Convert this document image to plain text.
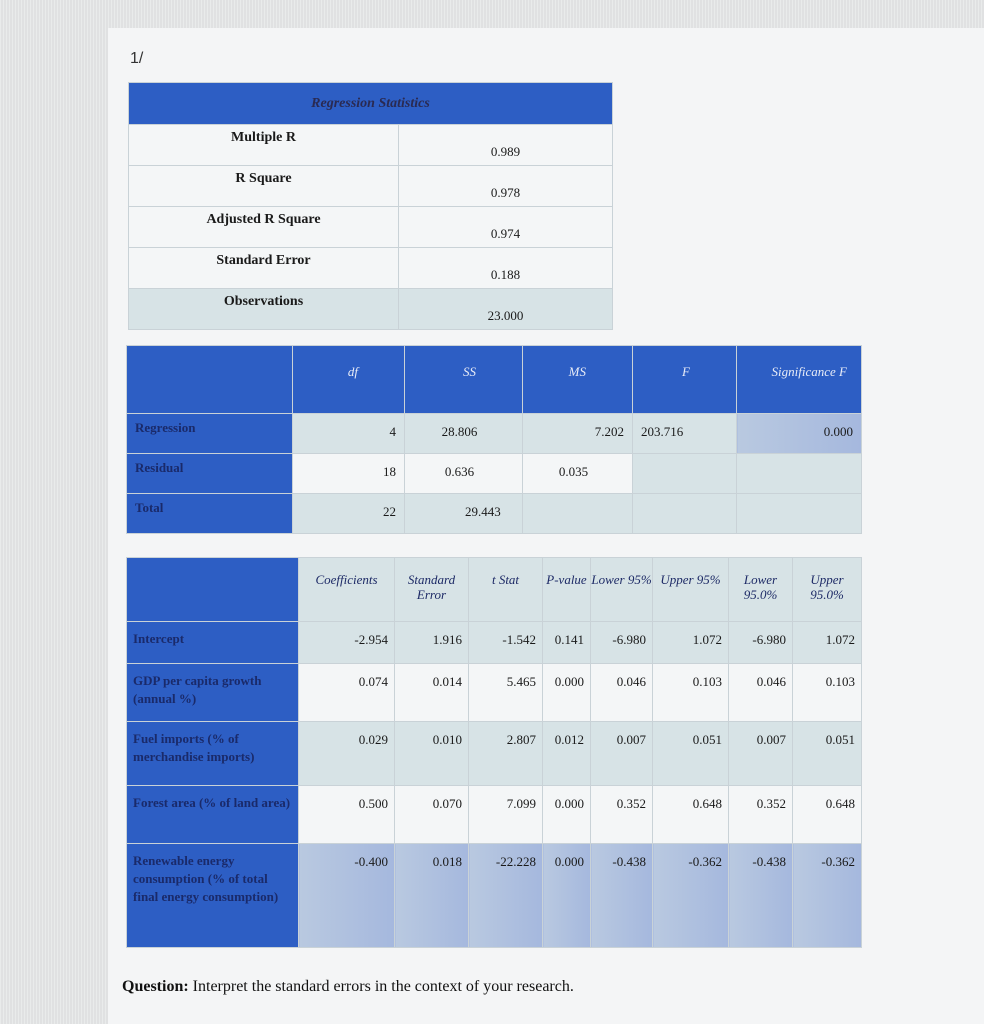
1/
Regression Statistics	
Multiple R	0.989
R Square	0.978
Adjusted R Square	0.974
Standard Error	0.188
Observations	23.000
	df	SS	MS	F	Significance F
Regression	4	28.806	7.202	203.716	0.000
Residual	18	0.636	0.035		
Total	22	29.443			
	Coefficients	Standard Error	t Stat	P-value	Lower 95%	Upper 95%	Lower 95.0%	Upper 95.0%
Intercept	-2.954	1.916	-1.542	0.141	-6.980	1.072	-6.980	1.072
GDP per capita growth (annual %)	0.074	0.014	5.465	0.000	0.046	0.103	0.046	0.103
Fuel imports (% of merchandise imports)	0.029	0.010	2.807	0.012	0.007	0.051	0.007	0.051
Forest area (% of land area)	0.500	0.070	7.099	0.000	0.352	0.648	0.352	0.648
Renewable energy consumption (% of total final energy consumption)	-0.400	0.018	-22.228	0.000	-0.438	-0.362	-0.438	-0.362
Question: Interpret the standard errors in the context of your research.
